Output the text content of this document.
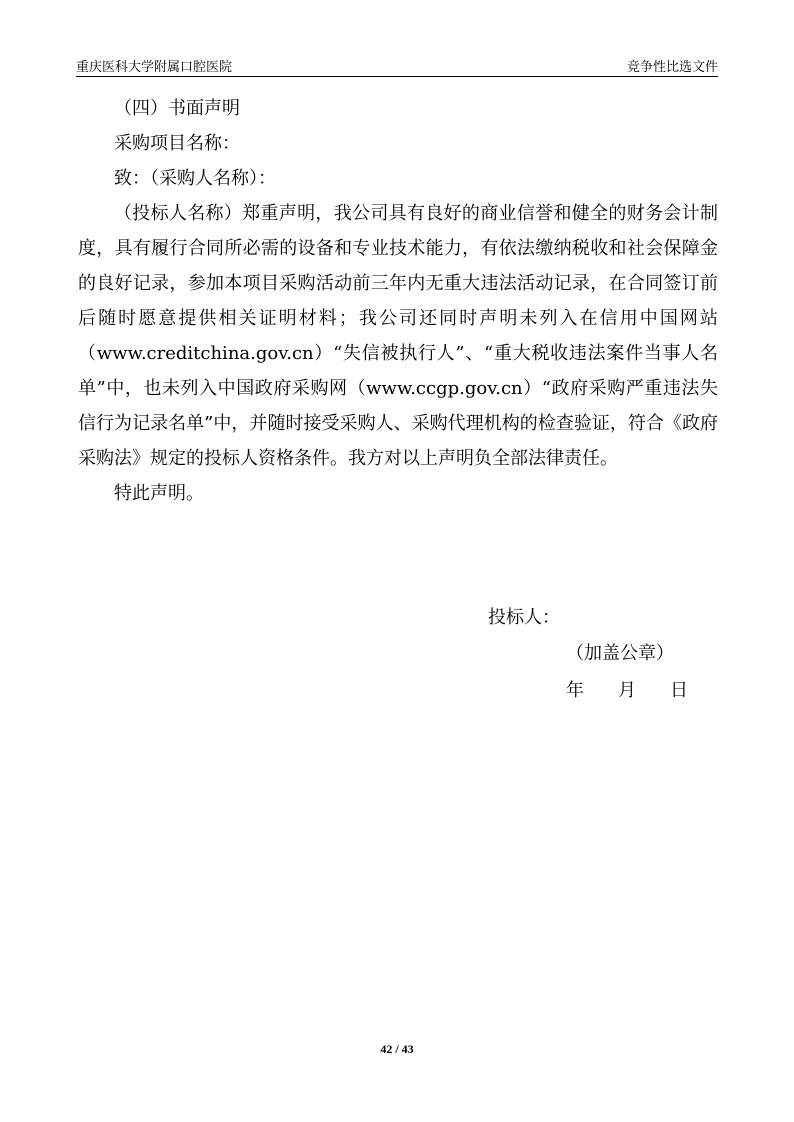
重庆医科大学附属口腔医院	竞争性比选文件
（四）书面声明
采购项目名称：
致：（采购人名称）：
（投标人名称）郑重声明，我公司具有良好的商业信誉和健全的财务会计制度，具有履行合同所必需的设备和专业技术能力，有依法缴纳税收和社会保障金的良好记录，参加本项目采购活动前三年内无重大违法活动记录，在合同签订前后随时愿意提供相关证明材料；我公司还同时声明未列入在信用中国网站（www.creditchina.gov.cn）“失信被执行人”、“重大税收违法案件当事人名单”中，也未列入中国政府采购网（www.ccgp.gov.cn）“政府采购严重违法失信行为记录名单”中，并随时接受采购人、采购代理机构的检查验证，符合《政府采购法》规定的投标人资格条件。我方对以上声明负全部法律责任。
特此声明。
投标人：
（加盖公章）
年 月 日
42 / 43
